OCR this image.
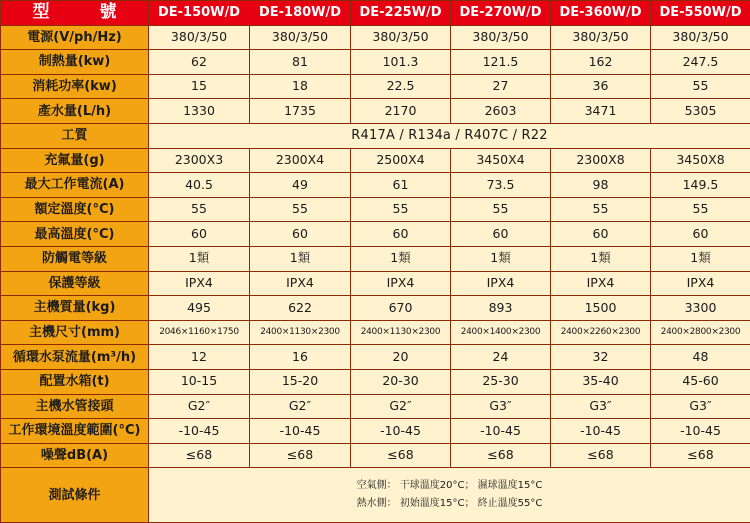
型 號	DE-150W/D	DE-180W/D	DE-225W/D	DE-270W/D	DE-360W/D	DE-550W/D
電源(V/ph/Hz)	380/3/50	380/3/50	380/3/50	380/3/50	380/3/50	380/3/50
制熱量(kw)	62	81	101.3	121.5	162	247.5
消耗功率(kw)	15	18	22.5	27	36	55
產水量(L/h)	1330	1735	2170	2603	3471	5305
工質	R417A / R134a / R407C / R22					
充氟量(g)	2300X3	2300X4	2500X4	3450X4	2300X8	3450X8
最大工作電流(A)	40.5	49	61	73.5	98	149.5
額定溫度(°C)	55	55	55	55	55	55
最高溫度(°C)	60	60	60	60	60	60
防觸電等級	1類	1類	1類	1類	1類	1類
保護等級	IPX4	IPX4	IPX4	IPX4	IPX4	IPX4
主機質量(kg)	495	622	670	893	1500	3300
主機尺寸(mm)	2046×1160×1750	2400×1130×2300	2400×1130×2300	2400×1400×2300	2400×2260×2300	2400×2800×2300
循環水泵流量(m³/h)	12	16	20	24	32	48
配置水箱(t)	10-15	15-20	20-30	25-30	35-40	45-60
主機水管接頭	G2″	G2″	G2″	G3″	G3″	G3″
工作環境溫度範圍(°C)	-10-45	-10-45	-10-45	-10-45	-10-45	-10-45
噪聲dB(A)	≤68	≤68	≤68	≤68	≤68	≤68
測試條件	空氣側： 干球溫度20°C； 濕球溫度15°C
熱水側： 初始溫度15°C； 終止溫度55°C					
